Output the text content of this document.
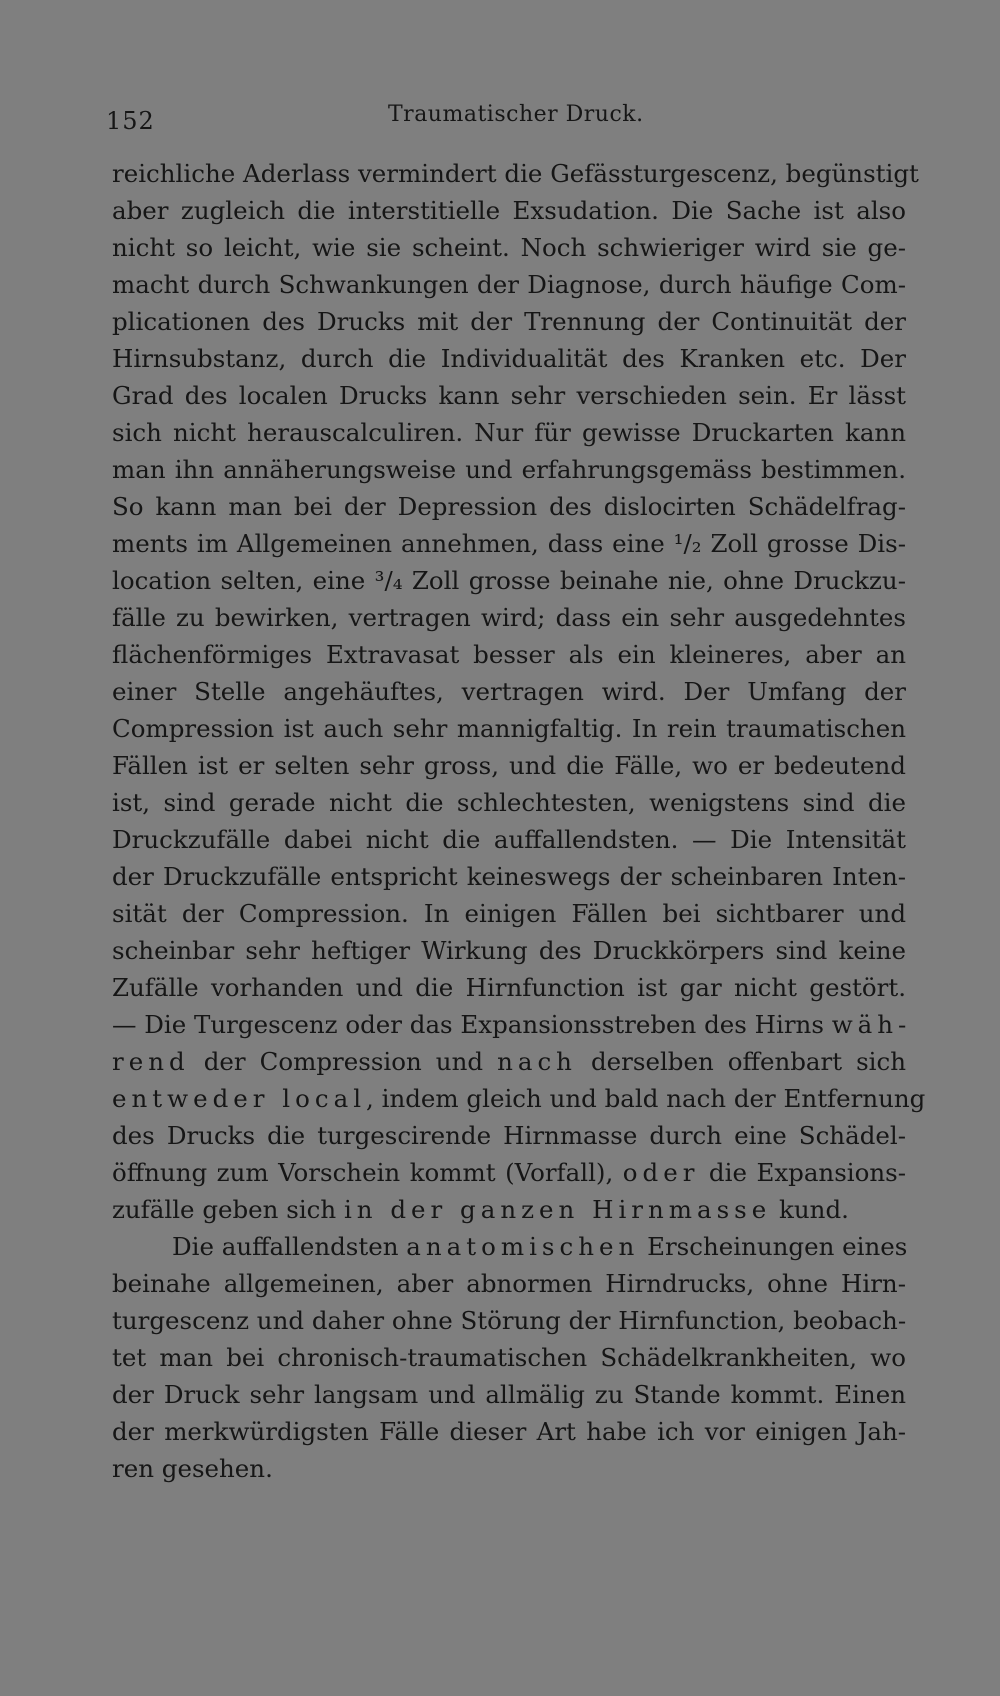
152	Traumatischer Druck.
reichliche Aderlass vermindert die Gefässturgescenz, begünstigt
aber zugleich die interstitielle Exsudation. Die Sache ist also
nicht so leicht, wie sie scheint. Noch schwieriger wird sie ge-
macht durch Schwankungen der Diagnose, durch häufige Com-
plicationen des Drucks mit der Trennung der Continuität der
Hirnsubstanz, durch die Individualität des Kranken etc. Der
Grad des localen Drucks kann sehr verschieden sein. Er lässt
sich nicht herauscalculiren. Nur für gewisse Druckarten kann
man ihn annäherungsweise und erfahrungsgemäss bestimmen.
So kann man bei der Depression des dislocirten Schädelfrag-
ments im Allgemeinen annehmen, dass eine ¹/₂ Zoll grosse Dis-
location selten, eine ³/₄ Zoll grosse beinahe nie, ohne Druckzu-
fälle zu bewirken, vertragen wird; dass ein sehr ausgedehntes
flächenförmiges Extravasat besser als ein kleineres, aber an
einer Stelle angehäuftes, vertragen wird. Der Umfang der
Compression ist auch sehr mannigfaltig. In rein traumatischen
Fällen ist er selten sehr gross, und die Fälle, wo er bedeutend
ist, sind gerade nicht die schlechtesten, wenigstens sind die
Druckzufälle dabei nicht die auffallendsten. — Die Intensität
der Druckzufälle entspricht keineswegs der scheinbaren Inten-
sität der Compression. In einigen Fällen bei sichtbarer und
scheinbar sehr heftiger Wirkung des Druckkörpers sind keine
Zufälle vorhanden und die Hirnfunction ist gar nicht gestört.
— Die Turgescenz oder das Expansionsstreben des Hirns wäh-
rend der Compression und nach derselben offenbart sich
entweder local, indem gleich und bald nach der Entfernung
des Drucks die turgescirende Hirnmasse durch eine Schädel-
öffnung zum Vorschein kommt (Vorfall), oder die Expansions-
zufälle geben sich in der ganzen Hirnmasse kund.
Die auffallendsten anatomischen Erscheinungen eines
beinahe allgemeinen, aber abnormen Hirndrucks, ohne Hirn-
turgescenz und daher ohne Störung der Hirnfunction, beobach-
tet man bei chronisch-traumatischen Schädelkrankheiten, wo
der Druck sehr langsam und allmälig zu Stande kommt. Einen
der merkwürdigsten Fälle dieser Art habe ich vor einigen Jah-
ren gesehen.
